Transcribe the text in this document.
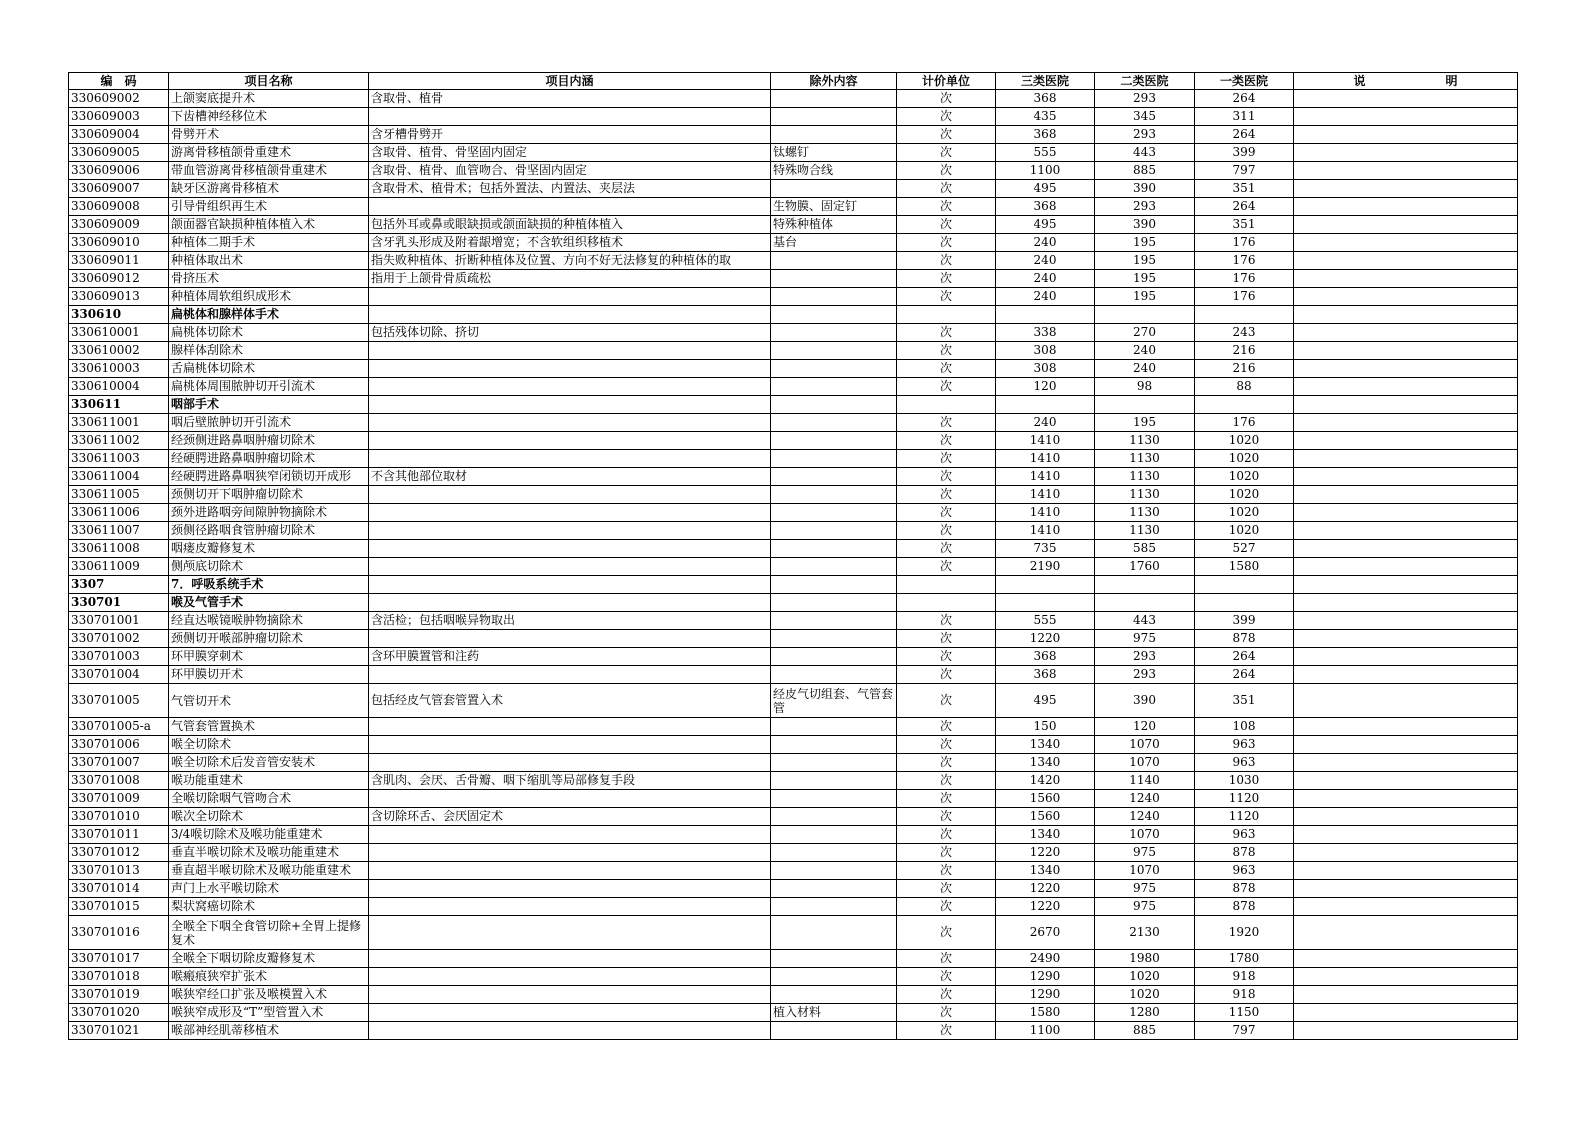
编　码	项目名称	项目内涵	除外内容	计价单位	三类医院	二类医院	一类医院	说 明
330609002	上颌窦底提升术	含取骨、植骨		次	368	293	264	
330609003	下齿槽神经移位术			次	435	345	311	
330609004	骨劈开术	含牙槽骨劈开		次	368	293	264	
330609005	游离骨移植颌骨重建术	含取骨、植骨、骨坚固内固定	钛螺钉	次	555	443	399	
330609006	带血管游离骨移植颌骨重建术	含取骨、植骨、血管吻合、骨坚固内固定	特殊吻合线	次	1100	885	797	
330609007	缺牙区游离骨移植术	含取骨术、植骨术；包括外置法、内置法、夹层法		次	495	390	351	
330609008	引导骨组织再生术		生物膜、固定钉	次	368	293	264	
330609009	颌面器官缺损种植体植入术	包括外耳或鼻或眼缺损或颌面缺损的种植体植入	特殊种植体	次	495	390	351	
330609010	种植体二期手术	含牙乳头形成及附着龈增宽；不含软组织移植术	基台	次	240	195	176	
330609011	种植体取出术	指失败种植体、折断种植体及位置、方向不好无法修复的种植体的取		次	240	195	176	
330609012	骨挤压术	指用于上颌骨骨质疏松		次	240	195	176	
330609013	种植体周软组织成形术			次	240	195	176	
330610	扁桃体和腺样体手术							
330610001	扁桃体切除术	包括残体切除、挤切		次	338	270	243	
330610002	腺样体刮除术			次	308	240	216	
330610003	舌扁桃体切除术			次	308	240	216	
330610004	扁桃体周围脓肿切开引流术			次	120	98	88	
330611	咽部手术							
330611001	咽后壁脓肿切开引流术			次	240	195	176	
330611002	经颈侧进路鼻咽肿瘤切除术			次	1410	1130	1020	
330611003	经硬腭进路鼻咽肿瘤切除术			次	1410	1130	1020	
330611004	经硬腭进路鼻咽狭窄闭锁切开成形	不含其他部位取材		次	1410	1130	1020	
330611005	颈侧切开下咽肿瘤切除术			次	1410	1130	1020	
330611006	颈外进路咽旁间隙肿物摘除术			次	1410	1130	1020	
330611007	颈侧径路咽食管肿瘤切除术			次	1410	1130	1020	
330611008	咽瘘皮瓣修复术			次	735	585	527	
330611009	侧颅底切除术			次	2190	1760	1580	
3307	7．呼吸系统手术							
330701	喉及气管手术							
330701001	经直达喉镜喉肿物摘除术	含活检；包括咽喉异物取出		次	555	443	399	
330701002	颈侧切开喉部肿瘤切除术			次	1220	975	878	
330701003	环甲膜穿刺术	含环甲膜置管和注药		次	368	293	264	
330701004	环甲膜切开术			次	368	293	264	
330701005	气管切开术	包括经皮气管套管置入术	经皮气切组套、气管套管	次	495	390	351	
330701005-a	气管套管置换术			次	150	120	108	
330701006	喉全切除术			次	1340	1070	963	
330701007	喉全切除术后发音管安装术			次	1340	1070	963	
330701008	喉功能重建术	含肌肉、会厌、舌骨瓣、咽下缩肌等局部修复手段		次	1420	1140	1030	
330701009	全喉切除咽气管吻合术			次	1560	1240	1120	
330701010	喉次全切除术	含切除环舌、会厌固定术		次	1560	1240	1120	
330701011	3/4喉切除术及喉功能重建术			次	1340	1070	963	
330701012	垂直半喉切除术及喉功能重建术			次	1220	975	878	
330701013	垂直超半喉切除术及喉功能重建术			次	1340	1070	963	
330701014	声门上水平喉切除术			次	1220	975	878	
330701015	梨状窝癌切除术			次	1220	975	878	
330701016	全喉全下咽全食管切除+全胃上提修复术			次	2670	2130	1920	
330701017	全喉全下咽切除皮瓣修复术			次	2490	1980	1780	
330701018	喉瘢痕狭窄扩张术			次	1290	1020	918	
330701019	喉狭窄经口扩张及喉模置入术			次	1290	1020	918	
330701020	喉狭窄成形及“T”型管置入术		植入材料	次	1580	1280	1150	
330701021	喉部神经肌蒂移植术			次	1100	885	797	
